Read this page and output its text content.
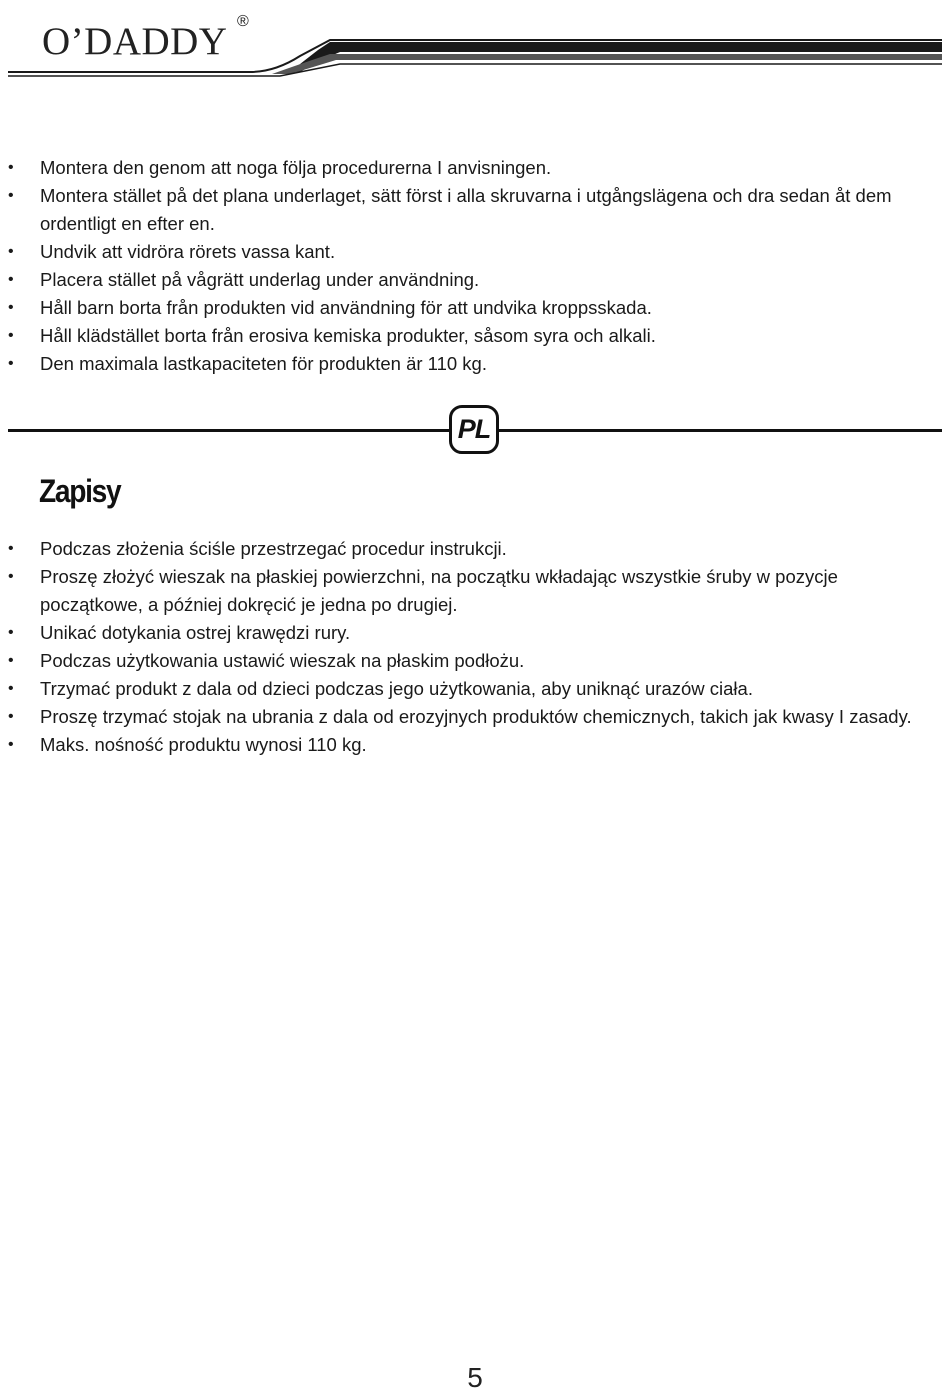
O’DADDY ®
• Montera den genom att noga följa procedurerna I anvisningen.
• Montera stället på det plana underlaget, sätt först i alla skruvarna i utgångslägena och dra sedan åt dem ordentligt en efter en.
• Undvik att vidröra rörets vassa kant.
• Placera stället på vågrätt underlag under användning.
• Håll barn borta från produkten vid användning för att undvika kroppsskada.
• Håll klädstället borta från erosiva kemiska produkter, såsom syra och alkali.
• Den maximala lastkapaciteten för produkten är 110 kg.
PL
Zapisy
• Podczas złożenia ściśle przestrzegać procedur instrukcji.
• Proszę złożyć wieszak na płaskiej powierzchni, na początku wkładając wszystkie śruby w pozycje początkowe, a później dokręcić je jedna po drugiej.
• Unikać dotykania ostrej krawędzi rury.
• Podczas użytkowania ustawić wieszak na płaskim podłożu.
• Trzymać produkt z dala od dzieci podczas jego użytkowania, aby uniknąć urazów ciała.
• Proszę trzymać stojak na ubrania z dala od erozyjnych produktów chemicznych, takich jak kwasy I zasady.
• Maks. nośność produktu wynosi 110 kg.
5
